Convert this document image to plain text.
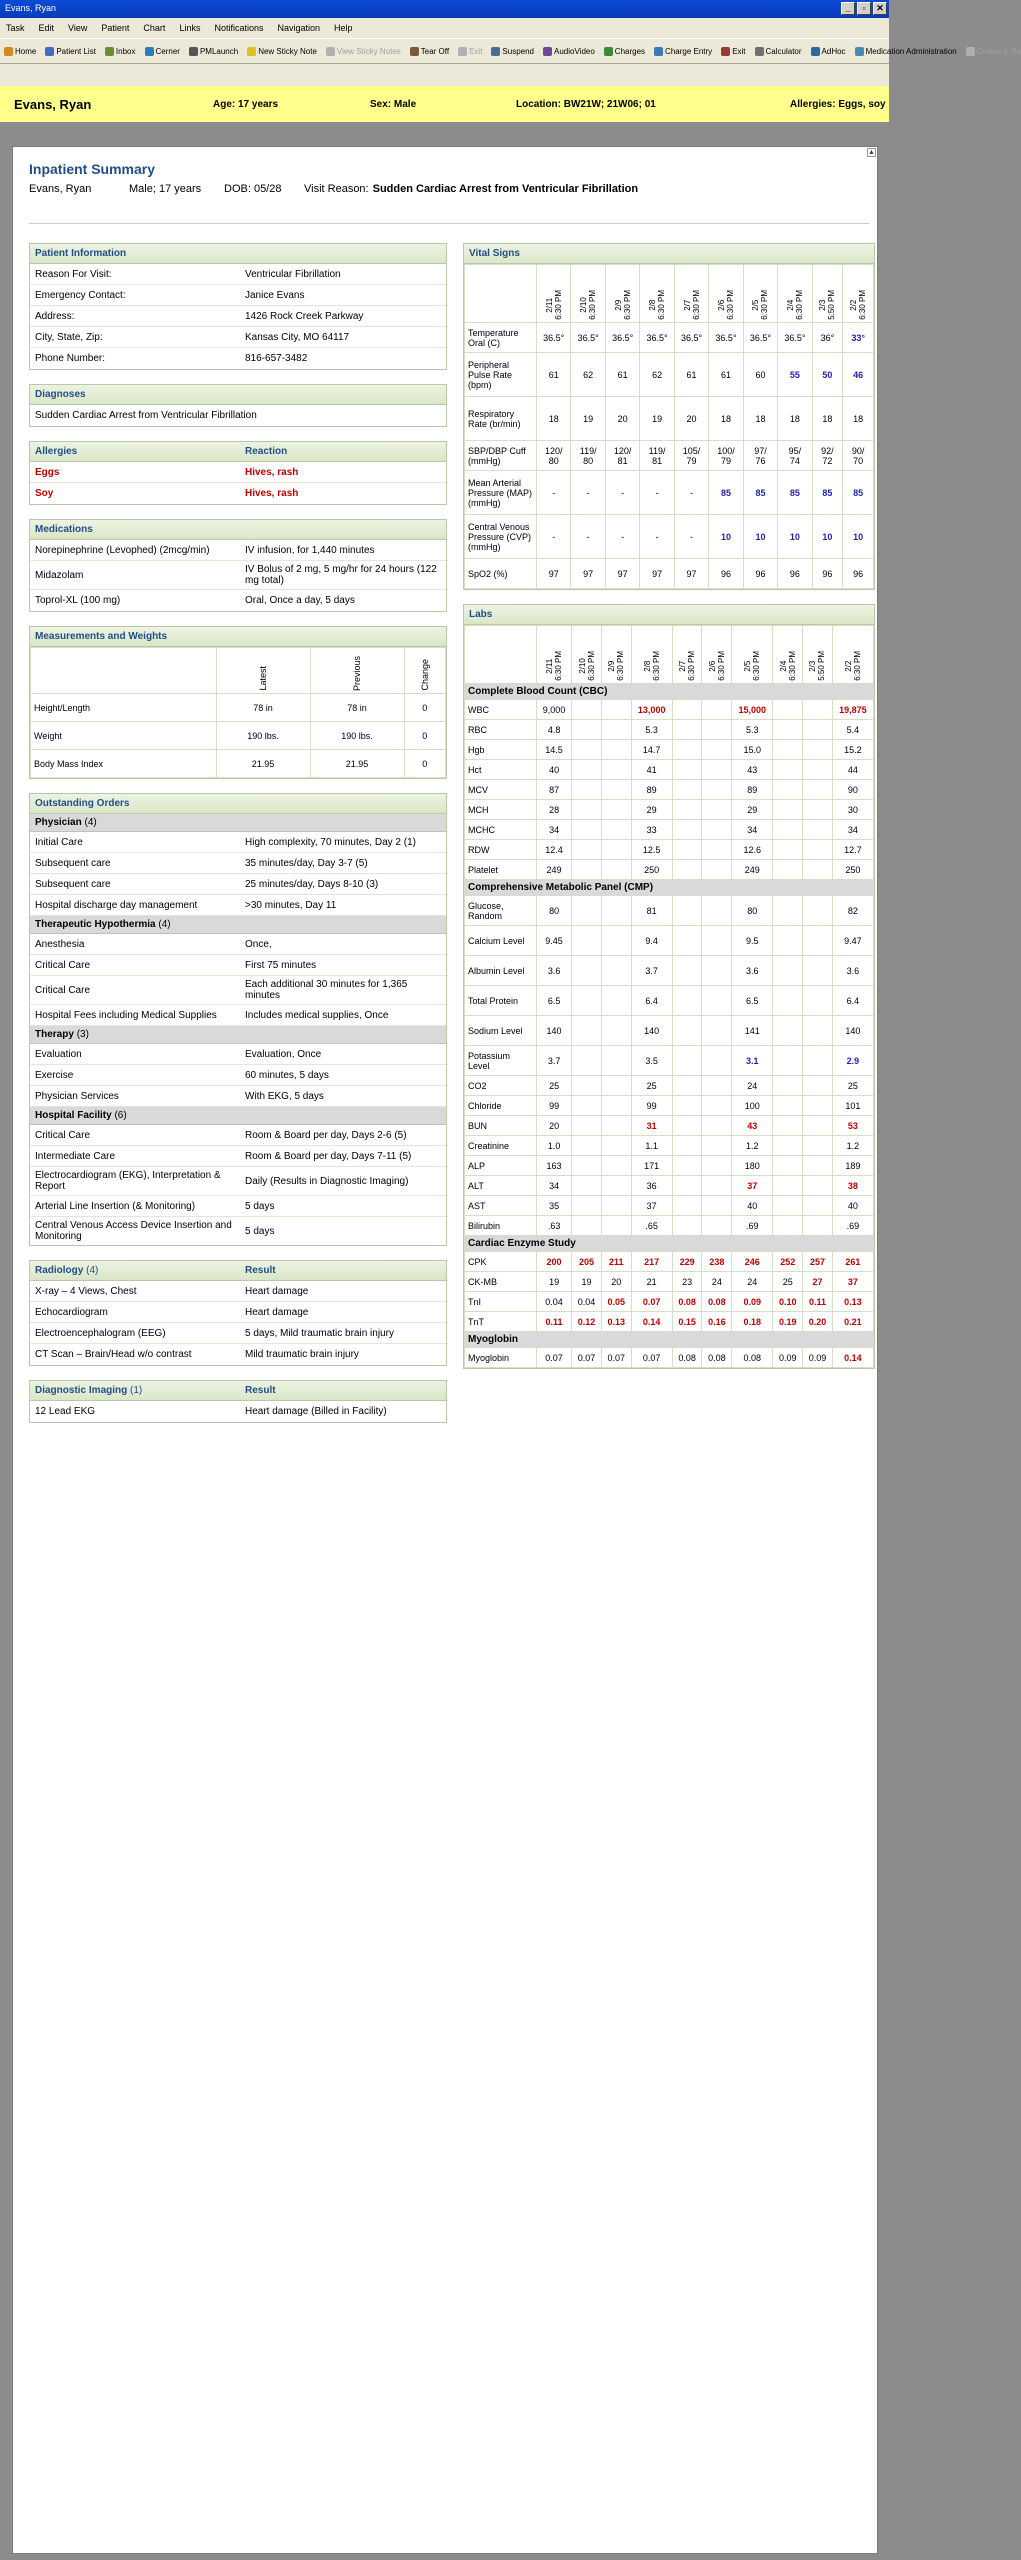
Evans, Ryan	_	▫	✕
Task Edit View Patient Chart Links Notifications Navigation Help
Home	Patient List	Inbox	Cerner	PMLaunch	New Sticky Note	View Sticky Notes	Tear Off	Exit	Suspend	AudioVideo	Charges	Charge Entry	Exit	Calculator	AdHoc	Medication Administration	Orders & Re
Evans, Ryan	Age: 17 years	Sex: Male	Location: BW21W; 21W06; 01	Allergies: Eggs, soy
▲
Inpatient Summary
Evans, Ryan	Male; 17 years	DOB: 05/28	Visit Reason: Sudden Cardiac Arrest from Ventricular Fibrillation
Patient Information
Reason For Visit:	Ventricular Fibrillation
Emergency Contact:	Janice Evans
Address:	1426 Rock Creek Parkway
City, State, Zip:	Kansas City, MO 64117
Phone Number:	816-657-3482
Diagnoses
Sudden Cardiac Arrest from Ventricular Fibrillation
Allergies	Reaction
Eggs	Hives, rash
Soy	Hives, rash
Medications
Norepinephrine (Levophed) (2mcg/min)	IV infusion, for 1,440 minutes
Midazolam	IV Bolus of 2 mg, 5 mg/hr for 24 hours (122 mg total)
Toprol-XL (100 mg)	Oral, Once a day, 5 days
Measurements and Weights

	Latest	Previous	Change

Height/Length	78 in	78 in	0
Weight	190 lbs.	190 lbs.	0
Body Mass Index	21.95	21.95	0
Outstanding Orders
Physician (4)
Initial Care	High complexity, 70 minutes, Day 2 (1)
Subsequent care	35 minutes/day, Day 3-7 (5)
Subsequent care	25 minutes/day, Days 8-10 (3)
Hospital discharge day management	>30 minutes, Day 11
Therapeutic Hypothermia (4)
Anesthesia	Once,
Critical Care	First 75 minutes
Critical Care	Each additional 30 minutes for 1,365 minutes
Hospital Fees including Medical Supplies	Includes medical supplies, Once
Therapy (3)
Evaluation	Evaluation, Once
Exercise	60 minutes, 5 days
Physician Services	With EKG, 5 days
Hospital Facility (6)
Critical Care	Room & Board per day, Days 2-6 (5)
Intermediate Care	Room & Board per day, Days 7-11 (5)
Electrocardiogram (EKG), Interpretation & Report	Daily (Results in Diagnostic Imaging)
Arterial Line Insertion (& Monitoring)	5 days
Central Venous Access Device Insertion and Monitoring	5 days
Radiology (4)	Result
X-ray – 4 Views, Chest	Heart damage
Echocardiogram	Heart damage
Electroencephalogram (EEG)	5 days, Mild traumatic brain injury
CT Scan – Brain/Head w/o contrast	Mild traumatic brain injury
Diagnostic Imaging (1)	Result
12 Lead EKG	Heart damage (Billed in Facility)
Vital Signs

	2/11
6:30 PM	2/10
6:30 PM	2/9
6:30 PM	2/8
6:30 PM	2/7
6:30 PM	2/6
6:30 PM	2/5
6:30 PM	2/4
6:30 PM	2/3
5:50 PM	2/2
6:30 PM

Temperature Oral (C)	36.5°	36.5°	36.5°	36.5°	36.5°	36.5°	36.5°	36.5°	36°	33°
Peripheral Pulse Rate (bpm)	61	62	61	62	61	61	60	55	50	46
Respiratory Rate (br/min)	18	19	20	19	20	18	18	18	18	18
SBP/DBP Cuff (mmHg)	120/
80	119/
80	120/
81	119/
81	105/
79	100/
79	97/
76	95/
74	92/
72	90/
70
Mean Arterial Pressure (MAP) (mmHg)	-	-	-	-	-	85	85	85	85	85
Central Venous Pressure (CVP) (mmHg)	-	-	-	-	-	10	10	10	10	10
SpO2 (%)	97	97	97	97	97	96	96	96	96	96
Labs

	2/11
6:30 PM	2/10
6:30 PM	2/9
6:30 PM	2/8
6:30 PM	2/7
6:30 PM	2/6
6:30 PM	2/5
6:30 PM	2/4
6:30 PM	2/3
5:50 PM	2/2
6:30 PM

Complete Blood Count (CBC)										
WBC	9,000			13,000			15,000			19,875
RBC	4.8			5.3			5.3			5.4
Hgb	14.5			14.7			15.0			15.2
Hct	40			41			43			44
MCV	87			89			89			90
MCH	28			29			29			30
MCHC	34			33			34			34
RDW	12.4			12.5			12.6			12.7
Platelet	249			250			249			250
Comprehensive Metabolic Panel (CMP)										
Glucose, Random	80			81			80			82
Calcium Level	9.45			9.4			9.5			9.47
Albumin Level	3.6			3.7			3.6			3.6
Total Protein	6.5			6.4			6.5			6.4
Sodium Level	140			140			141			140
Potassium Level	3.7			3.5			3.1			2.9
CO2	25			25			24			25
Chloride	99			99			100			101
BUN	20			31			43			53
Creatinine	1.0			1.1			1.2			1.2
ALP	163			171			180			189
ALT	34			36			37			38
AST	35			37			40			40
Bilirubin	.63			.65			.69			.69
Cardiac Enzyme Study										
CPK	200	205	211	217	229	238	246	252	257	261
CK-MB	19	19	20	21	23	24	24	25	27	37
TnI	0.04	0.04	0.05	0.07	0.08	0.08	0.09	0.10	0.11	0.13
TnT	0.11	0.12	0.13	0.14	0.15	0.16	0.18	0.19	0.20	0.21
Myoglobin										
Myoglobin	0.07	0.07	0.07	0.07	0.08	0.08	0.08	0.09	0.09	0.14
